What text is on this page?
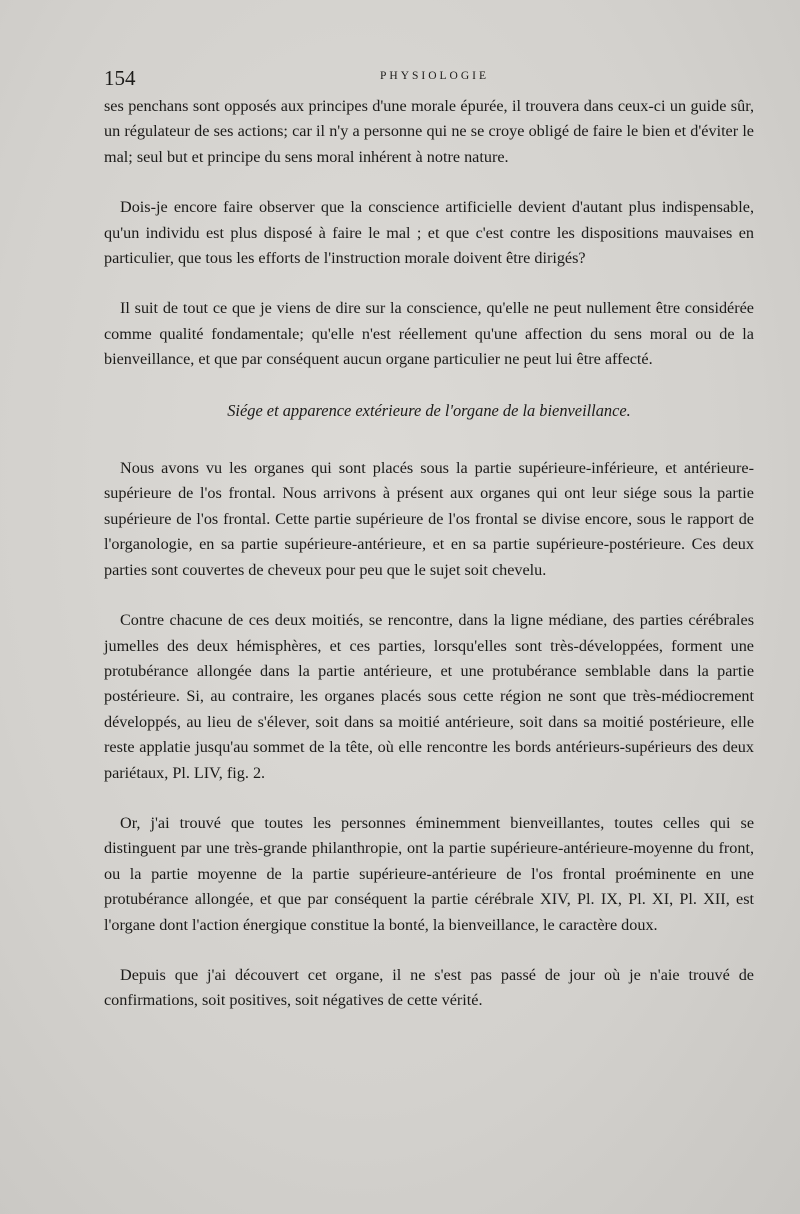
154	PHYSIOLOGIE

ses penchans sont opposés aux principes d'une morale épurée, il trouvera dans ceux-ci un guide sûr, un régulateur de ses actions; car il n'y a personne qui ne se croye obligé de faire le bien et d'éviter le mal; seul but et principe du sens moral inhérent à notre nature.

Dois-je encore faire observer que la conscience artificielle devient d'autant plus indispensable, qu'un individu est plus disposé à faire le mal ; et que c'est contre les dispositions mauvaises en particulier, que tous les efforts de l'instruction morale doivent être dirigés?

Il suit de tout ce que je viens de dire sur la conscience, qu'elle ne peut nullement être considérée comme qualité fondamentale; qu'elle n'est réellement qu'une affection du sens moral ou de la bienveillance, et que par conséquent aucun organe particulier ne peut lui être affecté.

Siége et apparence extérieure de l'organe de la bienveillance.

Nous avons vu les organes qui sont placés sous la partie supérieure-inférieure, et antérieure-supérieure de l'os frontal. Nous arrivons à présent aux organes qui ont leur siége sous la partie supérieure de l'os frontal. Cette partie supérieure de l'os frontal se divise encore, sous le rapport de l'organologie, en sa partie supérieure-antérieure, et en sa partie supérieure-postérieure. Ces deux parties sont couvertes de cheveux pour peu que le sujet soit chevelu.

Contre chacune de ces deux moitiés, se rencontre, dans la ligne médiane, des parties cérébrales jumelles des deux hémisphères, et ces parties, lorsqu'elles sont très-développées, forment une protubérance allongée dans la partie antérieure, et une protubérance semblable dans la partie postérieure. Si, au contraire, les organes placés sous cette région ne sont que très-médiocrement développés, au lieu de s'élever, soit dans sa moitié antérieure, soit dans sa moitié postérieure, elle reste applatie jusqu'au sommet de la tête, où elle rencontre les bords antérieurs-supérieurs des deux pariétaux, Pl. LIV, fig. 2.

Or, j'ai trouvé que toutes les personnes éminemment bienveillantes, toutes celles qui se distinguent par une très-grande philanthropie, ont la partie supérieure-antérieure-moyenne du front, ou la partie moyenne de la partie supérieure-antérieure de l'os frontal proéminente en une protubérance allongée, et que par conséquent la partie cérébrale XIV, Pl. IX, Pl. XI, Pl. XII, est l'organe dont l'action énergique constitue la bonté, la bienveillance, le caractère doux.

Depuis que j'ai découvert cet organe, il ne s'est pas passé de jour où je n'aie trouvé de confirmations, soit positives, soit négatives de cette vérité.
